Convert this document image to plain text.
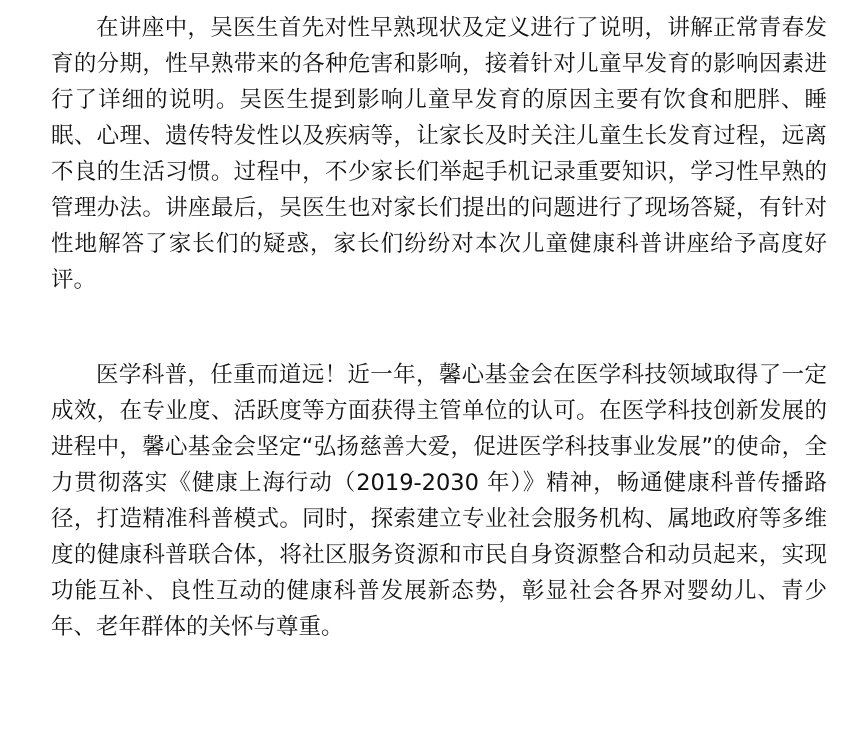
在讲座中，吴医生首先对性早熟现状及定义进行了说明，讲解正常青春发育的分期，性早熟带来的各种危害和影响，接着针对儿童早发育的影响因素进行了详细的说明。吴医生提到影响儿童早发育的原因主要有饮食和肥胖、睡眠、心理、遗传特发性以及疾病等，让家长及时关注儿童生长发育过程，远离不良的生活习惯。过程中，不少家长们举起手机记录重要知识，学习性早熟的管理办法。讲座最后，吴医生也对家长们提出的问题进行了现场答疑，有针对性地解答了家长们的疑惑，家长们纷纷对本次儿童健康科普讲座给予高度好评。

医学科普，任重而道远！近一年，馨心基金会在医学科技领域取得了一定成效，在专业度、活跃度等方面获得主管单位的认可。在医学科技创新发展的进程中，馨心基金会坚定“弘扬慈善大爱，促进医学科技事业发展”的使命，全力贯彻落实《健康上海行动（2019-2030 年）》精神，畅通健康科普传播路径，打造精准科普模式。同时，探索建立专业社会服务机构、属地政府等多维度的健康科普联合体，将社区服务资源和市民自身资源整合和动员起来，实现功能互补、良性互动的健康科普发展新态势，彰显社会各界对婴幼儿、青少年、老年群体的关怀与尊重。
